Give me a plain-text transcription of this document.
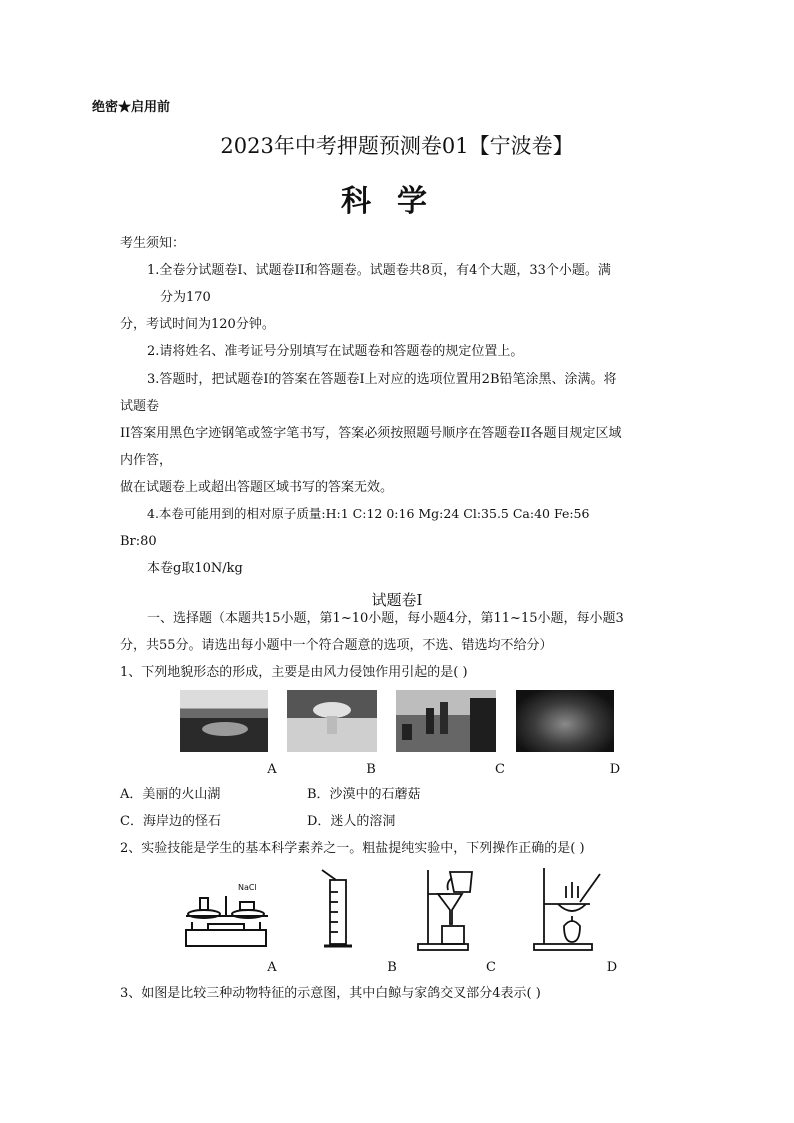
绝密★启用前
2023年中考押题预测卷01【宁波卷】
科学
考生须知：
1.全卷分试题卷I、试题卷II和答题卷。试题卷共8页，有4个大题，33个小题。满
分为170
分，考试时间为120分钟。
2.请将姓名、准考证号分别填写在试题卷和答题卷的规定位置上。
3.答题时，把试题卷I的答案在答题卷I上对应的选项位置用2B铅笔涂黑、涂满。将
试题卷
II答案用黑色字迹钢笔或签字笔书写，答案必须按照题号顺序在答题卷II各题目规定区域
内作答，
做在试题卷上或超出答题区域书写的答案无效。
4.本卷可能用到的相对原子质量:H:1 C:12 0:16 Mg:24 Cl:35.5 Ca:40 Fe:56
Br:80
本卷g取10N/kg
试题卷I
一、选择题（本题共15小题，第1~10小题，每小题4分，第11~15小题，每小题3
分，共55分。请选出每小题中一个符合题意的选项，不选、错选均不给分）
1、下列地貌形态的形成，主要是由风力侵蚀作用引起的是( )
A	B	C	D
A．美丽的火山湖	B．沙漠中的石蘑菇
C．海岸边的怪石	D．迷人的溶洞
2、实验技能是学生的基本科学素养之一。粗盐提纯实验中，下列操作正确的是( )
NaCl
A	B	C	D
3、如图是比较三种动物特征的示意图，其中白鲸与家鸽交叉部分4表示( )
